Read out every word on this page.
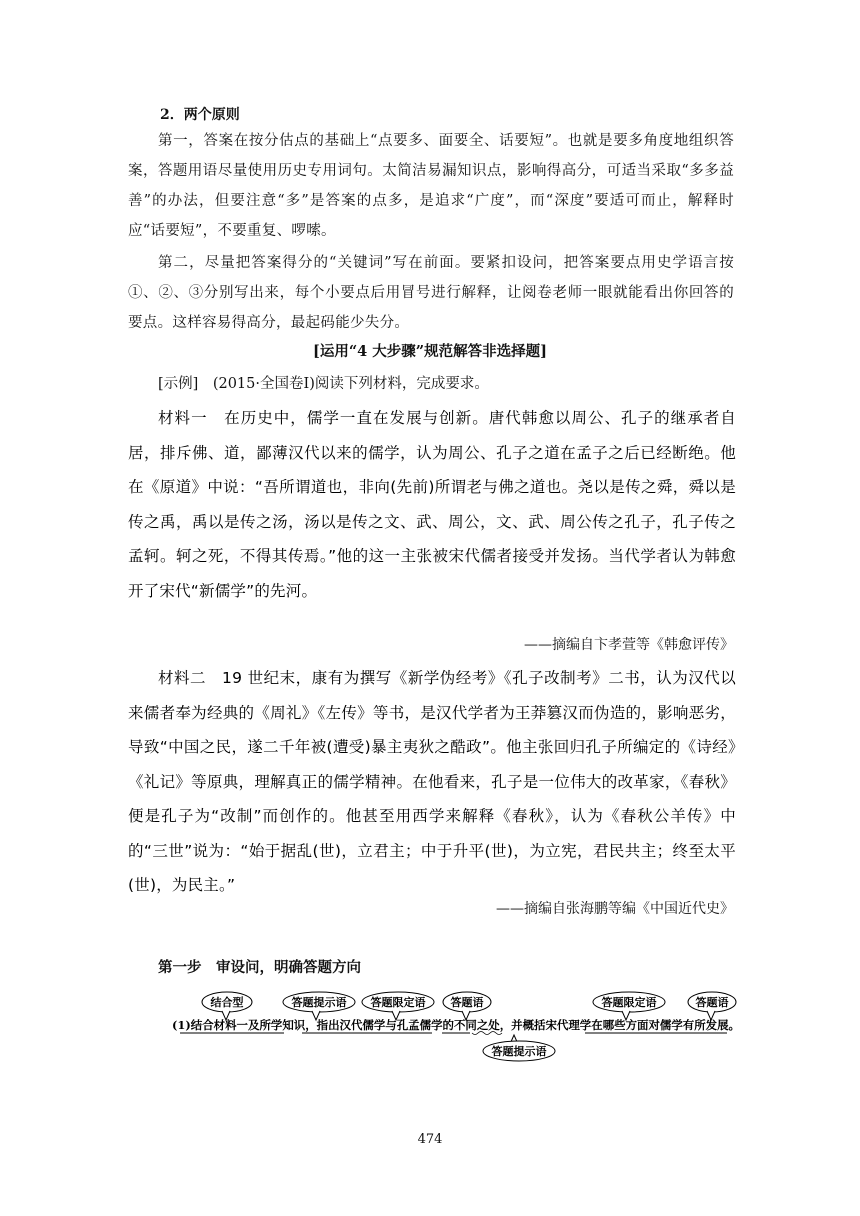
2．两个原则
第一，答案在按分估点的基础上“点要多、面要全、话要短”。也就是要多角度地组织答案，答题用语尽量使用历史专用词句。太简洁易漏知识点，影响得高分，可适当采取“多多益善”的办法，但要注意“多”是答案的点多，是追求“广度”，而“深度”要适可而止，解释时应“话要短”，不要重复、啰嗦。
第二，尽量把答案得分的“关键词”写在前面。要紧扣设问，把答案要点用史学语言按①、②、③分别写出来，每个小要点后用冒号进行解释，让阅卷老师一眼就能看出你回答的要点。这样容易得高分，最起码能少失分。
[运用“4 大步骤”规范解答非选择题]
[示例]　(2015·全国卷Ⅰ)阅读下列材料，完成要求。
材料一　在历史中，儒学一直在发展与创新。唐代韩愈以周公、孔子的继承者自居，排斥佛、道，鄙薄汉代以来的儒学，认为周公、孔子之道在孟子之后已经断绝。他在《原道》中说：“吾所谓道也，非向(先前)所谓老与佛之道也。尧以是传之舜，舜以是传之禹，禹以是传之汤，汤以是传之文、武、周公，文、武、周公传之孔子，孔子传之孟轲。轲之死，不得其传焉。”他的这一主张被宋代儒者接受并发扬。当代学者认为韩愈开了宋代“新儒学”的先河。
——摘编自卞孝萱等《韩愈评传》
材料二　19 世纪末，康有为撰写《新学伪经考》《孔子改制考》二书，认为汉代以来儒者奉为经典的《周礼》《左传》等书，是汉代学者为王莽篡汉而伪造的，影响恶劣，导致“中国之民，遂二千年被(遭受)暴主夷狄之酷政”。他主张回归孔子所编定的《诗经》《礼记》等原典，理解真正的儒学精神。在他看来，孔子是一位伟大的改革家，《春秋》便是孔子为“改制”而创作的。他甚至用西学来解释《春秋》，认为《春秋公羊传》中的“三世”说为：“始于据乱(世)，立君主；中于升平(世)，为立宪，君民共主；终至太平(世)，为民主。”
——摘编自张海鹏等编《中国近代史》
第一步　审设问，明确答题方向
结合型	答题提示语 答题限定语 答题语	答题限定语	答题语
(1)结合材料一及所学知识，指出汉代儒学与孔孟儒学的不同之处，并概括宋代理学在哪些方面对儒学有所发展。
答题提示语
474
